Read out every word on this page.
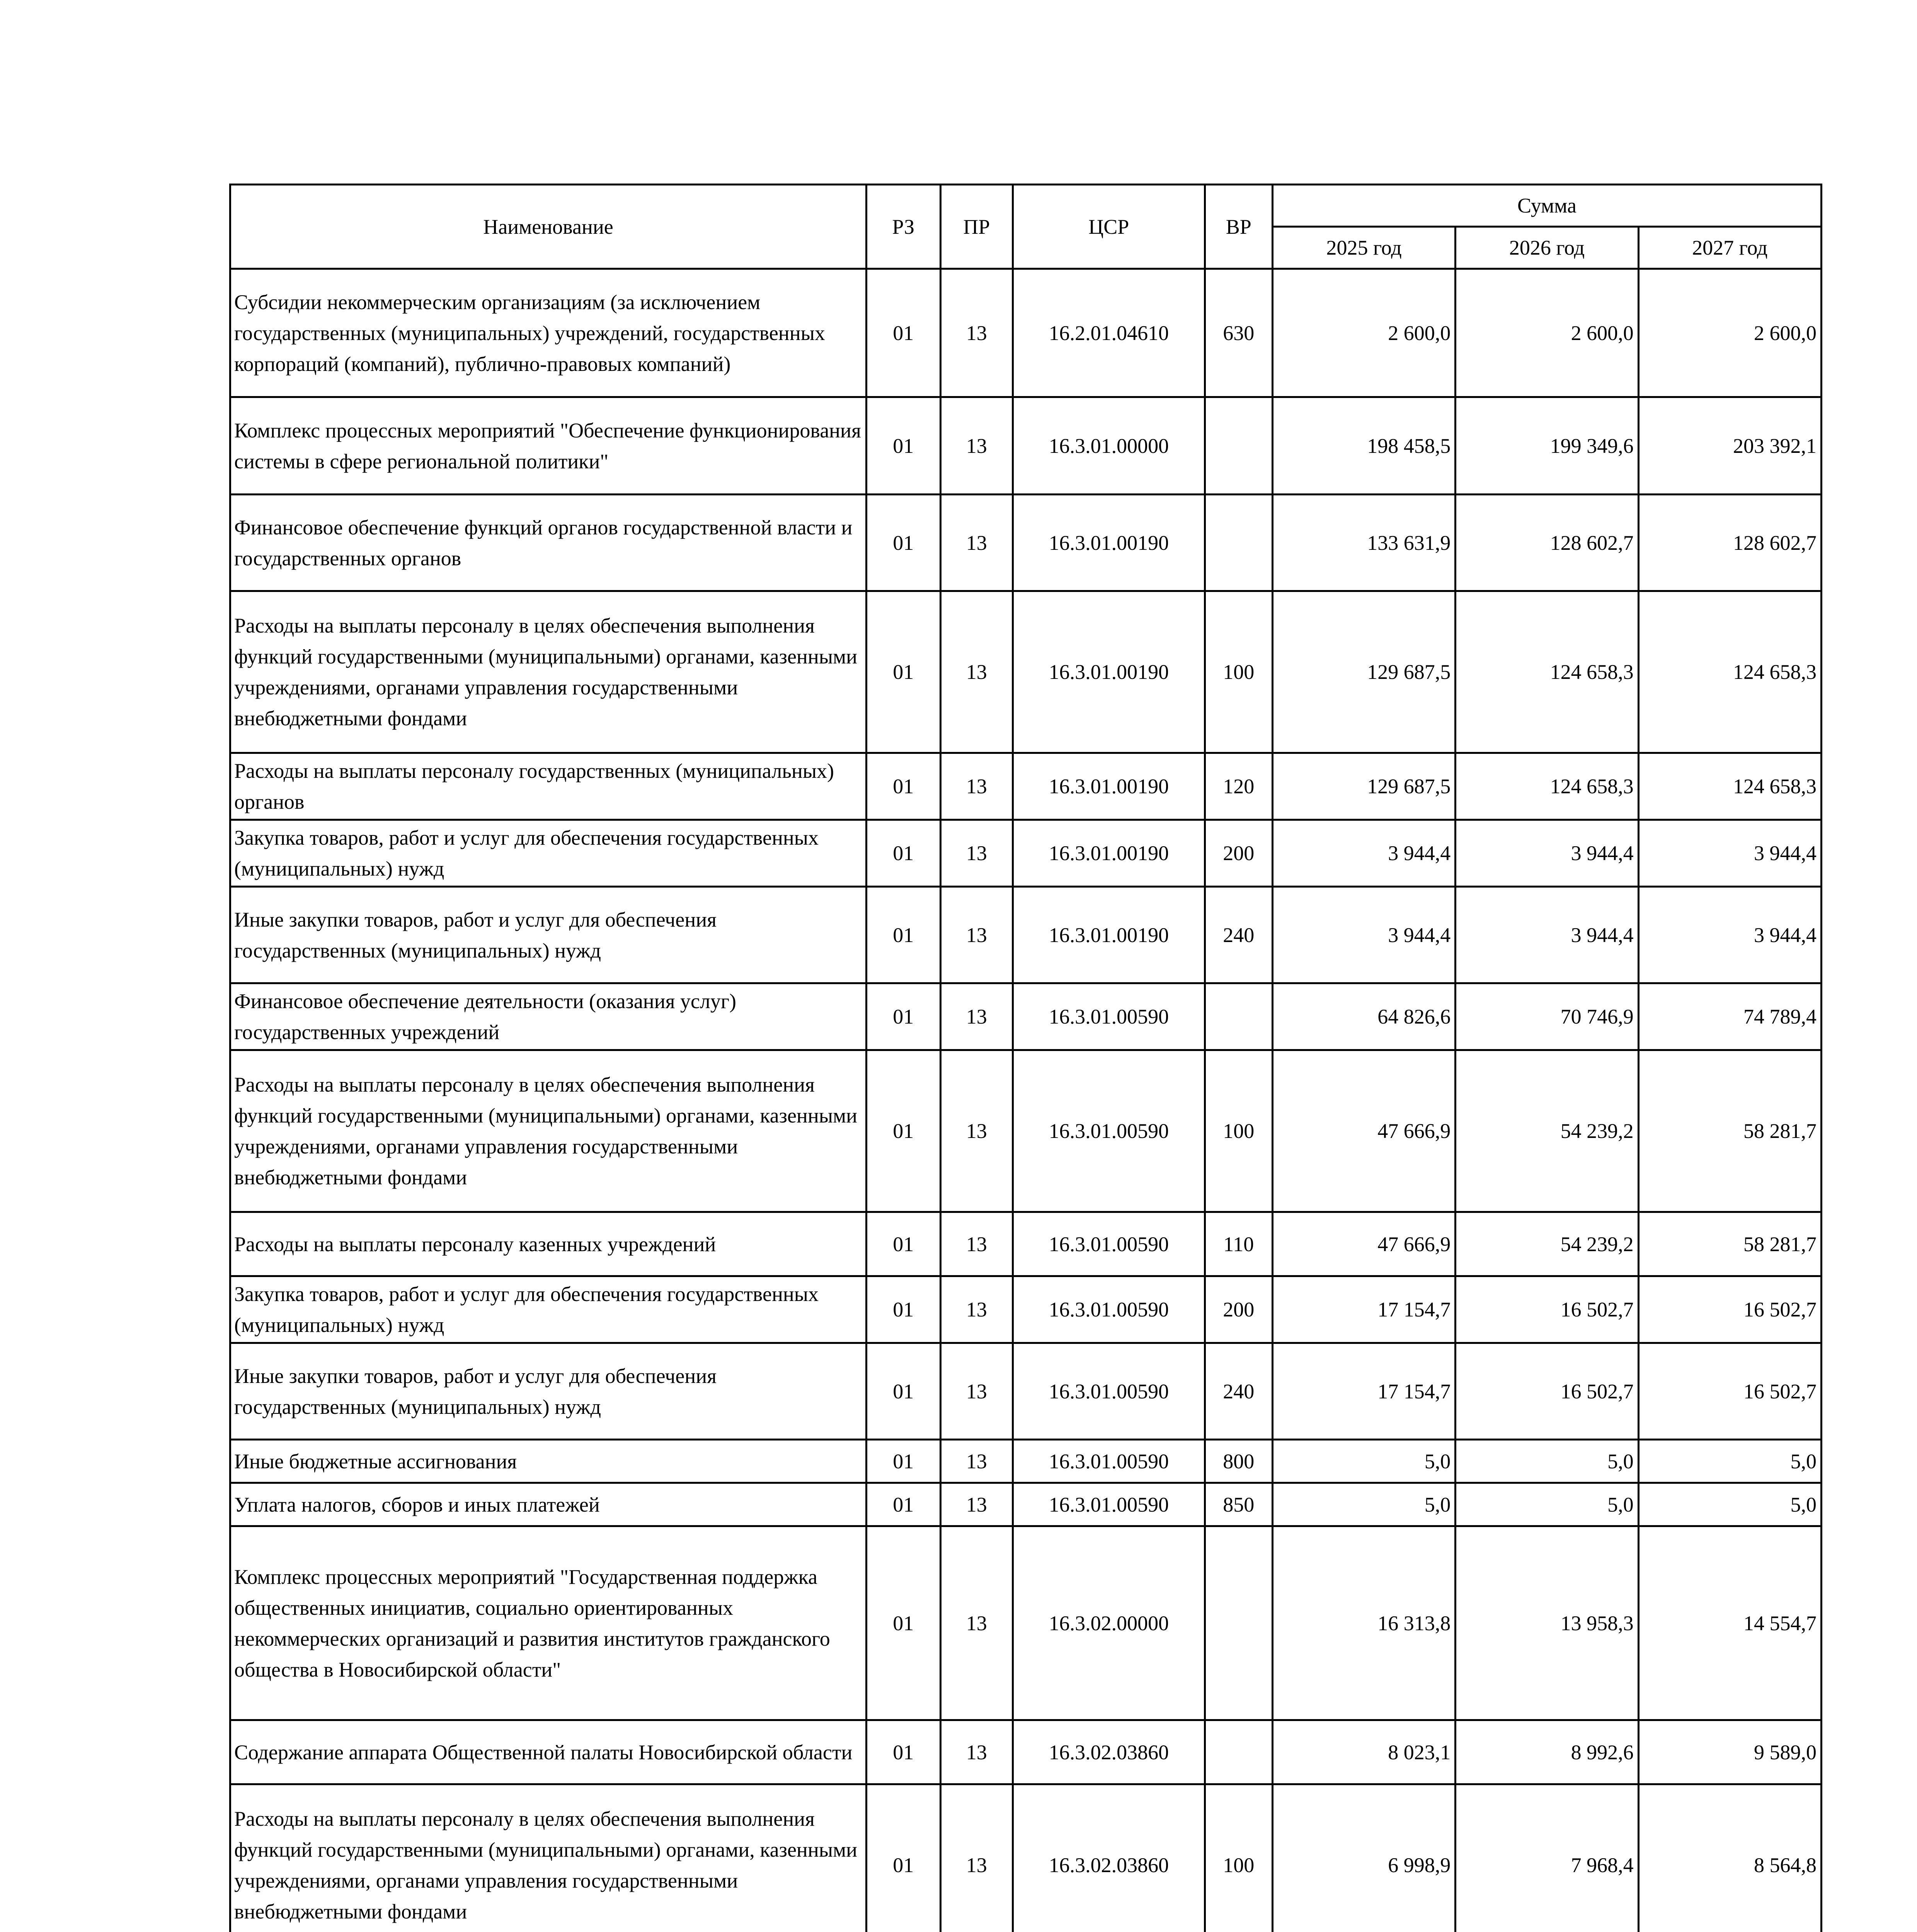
Наименование	РЗ	ПР	ЦСР	ВР	Сумма		
					2025 год	2026 год	2027 год
Субсидии некоммерческим организациям (за исключением государственных (муниципальных) учреждений, государственных корпораций (компаний), публично-правовых компаний)	01	13	16.2.01.04610	630	2 600,0	2 600,0	2 600,0
Комплекс процессных мероприятий "Обеспечение функционирования системы в сфере региональной политики"	01	13	16.3.01.00000		198 458,5	199 349,6	203 392,1
Финансовое обеспечение функций органов государственной власти и государственных органов	01	13	16.3.01.00190		133 631,9	128 602,7	128 602,7
Расходы на выплаты персоналу в целях обеспечения выполнения функций государственными (муниципальными) органами, казенными учреждениями, органами управления государственными внебюджетными фондами	01	13	16.3.01.00190	100	129 687,5	124 658,3	124 658,3
Расходы на выплаты персоналу государственных (муниципальных) органов	01	13	16.3.01.00190	120	129 687,5	124 658,3	124 658,3
Закупка товаров, работ и услуг для обеспечения государственных (муниципальных) нужд	01	13	16.3.01.00190	200	3 944,4	3 944,4	3 944,4
Иные закупки товаров, работ и услуг для обеспечения государственных (муниципальных) нужд	01	13	16.3.01.00190	240	3 944,4	3 944,4	3 944,4
Финансовое обеспечение деятельности (оказания услуг) государственных учреждений	01	13	16.3.01.00590		64 826,6	70 746,9	74 789,4
Расходы на выплаты персоналу в целях обеспечения выполнения функций государственными (муниципальными) органами, казенными учреждениями, органами управления государственными внебюджетными фондами	01	13	16.3.01.00590	100	47 666,9	54 239,2	58 281,7
Расходы на выплаты персоналу казенных учреждений	01	13	16.3.01.00590	110	47 666,9	54 239,2	58 281,7
Закупка товаров, работ и услуг для обеспечения государственных (муниципальных) нужд	01	13	16.3.01.00590	200	17 154,7	16 502,7	16 502,7
Иные закупки товаров, работ и услуг для обеспечения государственных (муниципальных) нужд	01	13	16.3.01.00590	240	17 154,7	16 502,7	16 502,7
Иные бюджетные ассигнования	01	13	16.3.01.00590	800	5,0	5,0	5,0
Уплата налогов, сборов и иных платежей	01	13	16.3.01.00590	850	5,0	5,0	5,0
Комплекс процессных мероприятий "Государственная поддержка общественных инициатив, социально ориентированных некоммерческих организаций и развития институтов гражданского общества в Новосибирской области"	01	13	16.3.02.00000		16 313,8	13 958,3	14 554,7
Содержание аппарата Общественной палаты Новосибирской области	01	13	16.3.02.03860		8 023,1	8 992,6	9 589,0
Расходы на выплаты персоналу в целях обеспечения выполнения функций государственными (муниципальными) органами, казенными учреждениями, органами управления государственными внебюджетными фондами	01	13	16.3.02.03860	100	6 998,9	7 968,4	8 564,8
